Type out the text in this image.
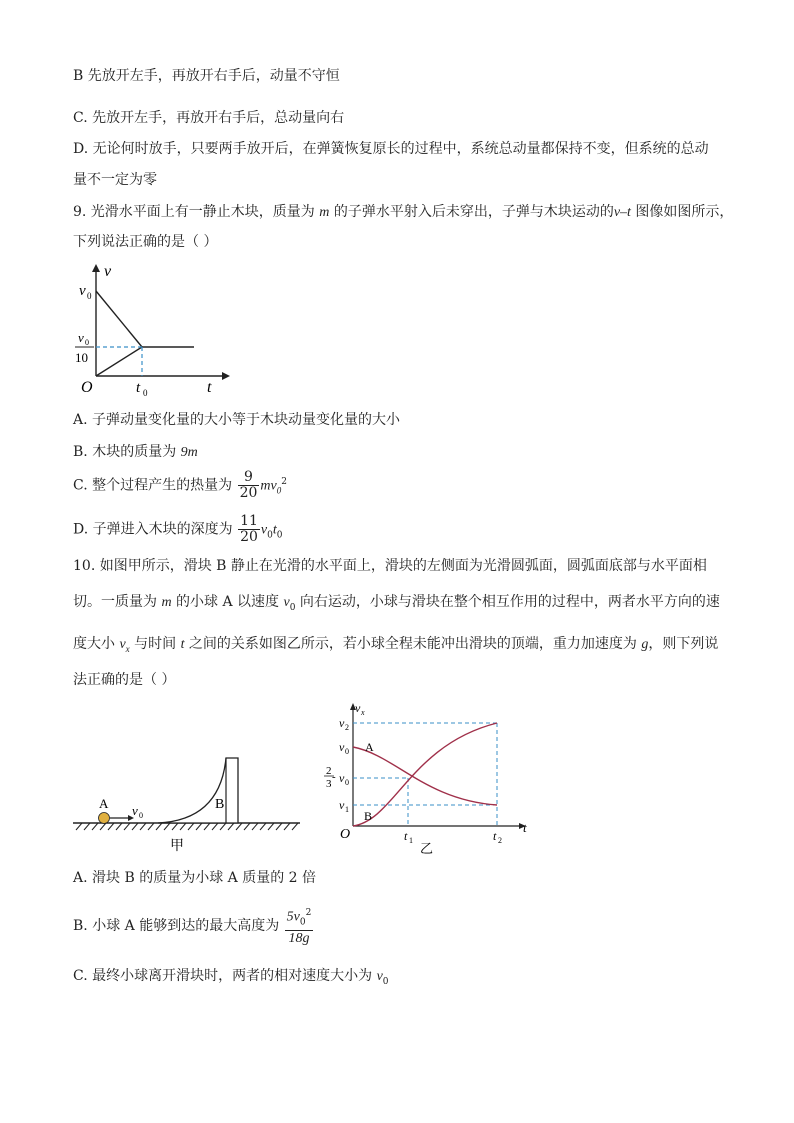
B 先放开左手，再放开右手后，动量不守恒
C. 先放开左手，再放开右手后，总动量向右
D. 无论何时放手，只要两手放开后，在弹簧恢复原长的过程中，系统总动量都保持不变，但系统的总动
量不一定为零
9. 光滑水平面上有一静止木块，质量为 m 的子弹水平射入后未穿出，子弹与木块运动的v–t 图像如图所示，
下列说法正确的是（ ）
v
t
O
v 0
v 0
10
t 0
A. 子弹动量变化量的大小等于木块动量变化量的大小
B. 木块的质量为 9m
C. 整个过程产生的热量为 $\frac{9}{20} mv_0^2$
D. 子弹进入木块的深度为 $\frac{11}{20} v_0t_0$
10. 如图甲所示，滑块 B 静止在光滑的水平面上，滑块的左侧面为光滑圆弧面，圆弧面底部与水平面相
切。一质量为 m 的小球 A 以速度 $v_0$ 向右运动，小球与滑块在整个相互作用的过程中，两者水平方向的速
度大小 $v_x$ 与时间 t 之间的关系如图乙所示，若小球全程未能冲出滑块的顶端，重力加速度为 g，则下列说
法正确的是（ ）
A v 0
B
甲
v x
t
O
v 2
v 0
2
3
- v 0
v 1
A
B
t 1	t 2
乙
A. 滑块 B 的质量为小球 A 质量的 2 倍
B. 小球 A 能够到达的最大高度为 $\frac{5v_0^2}{18g}$
C. 最终小球离开滑块时，两者的相对速度大小为 $v_0$
